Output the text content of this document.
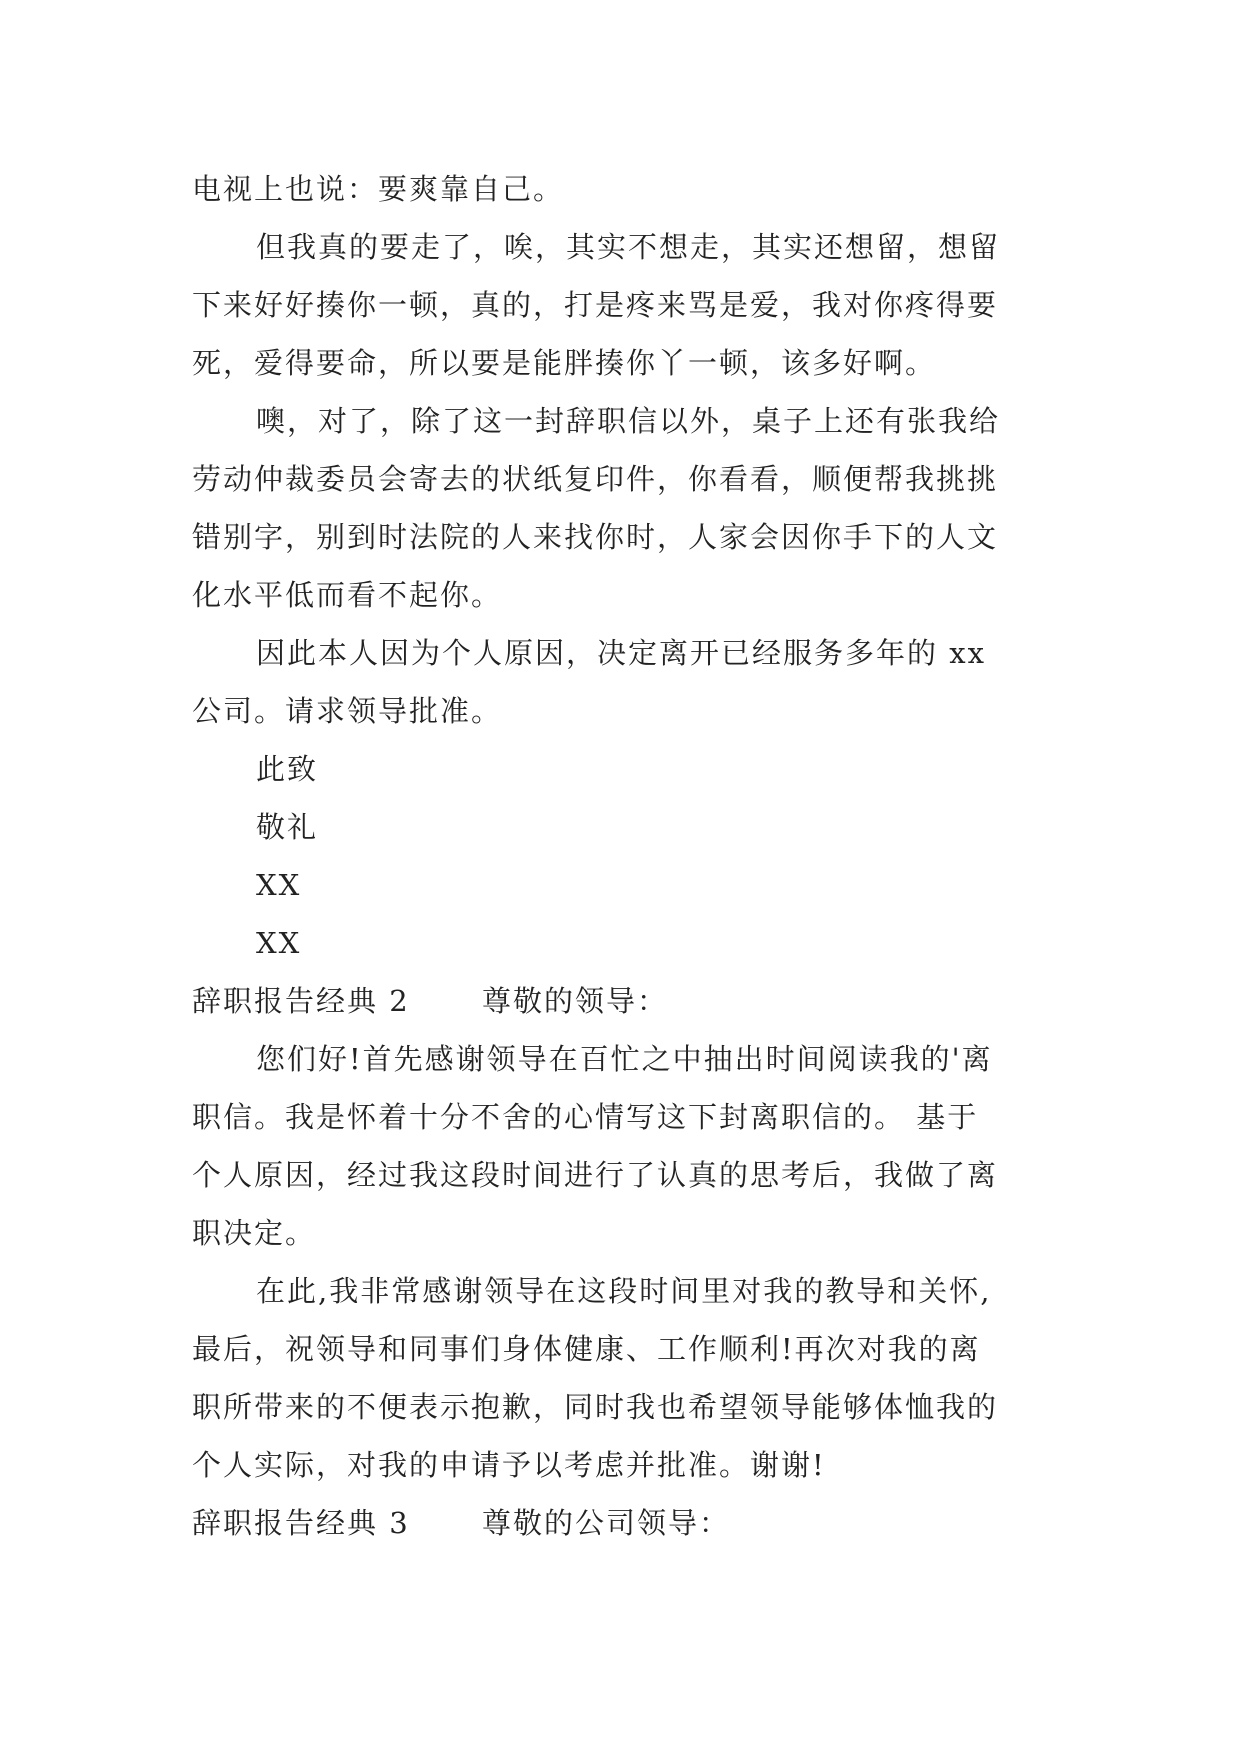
电视上也说：要爽靠自己。
但我真的要走了，唉，其实不想走，其实还想留，想留
下来好好揍你一顿，真的，打是疼来骂是爱，我对你疼得要
死，爱得要命，所以要是能胖揍你丫一顿，该多好啊。
噢，对了，除了这一封辞职信以外，桌子上还有张我给
劳动仲裁委员会寄去的状纸复印件，你看看，顺便帮我挑挑
错别字，别到时法院的人来找你时，人家会因你手下的人文
化水平低而看不起你。
因此本人因为个人原因，决定离开已经服务多年的 xx
公司。请求领导批准。
此致
敬礼
XX
XX
辞职报告经典 2 尊敬的领导：
您们好!首先感谢领导在百忙之中抽出时间阅读我的'离
职信。我是怀着十分不舍的心情写这下封离职信的。 基于
个人原因，经过我这段时间进行了认真的思考后，我做了离
职决定。
在此,我非常感谢领导在这段时间里对我的教导和关怀,
最后，祝领导和同事们身体健康、工作顺利!再次对我的离
职所带来的不便表示抱歉，同时我也希望领导能够体恤我的
个人实际，对我的申请予以考虑并批准。谢谢!
辞职报告经典 3 尊敬的公司领导：
